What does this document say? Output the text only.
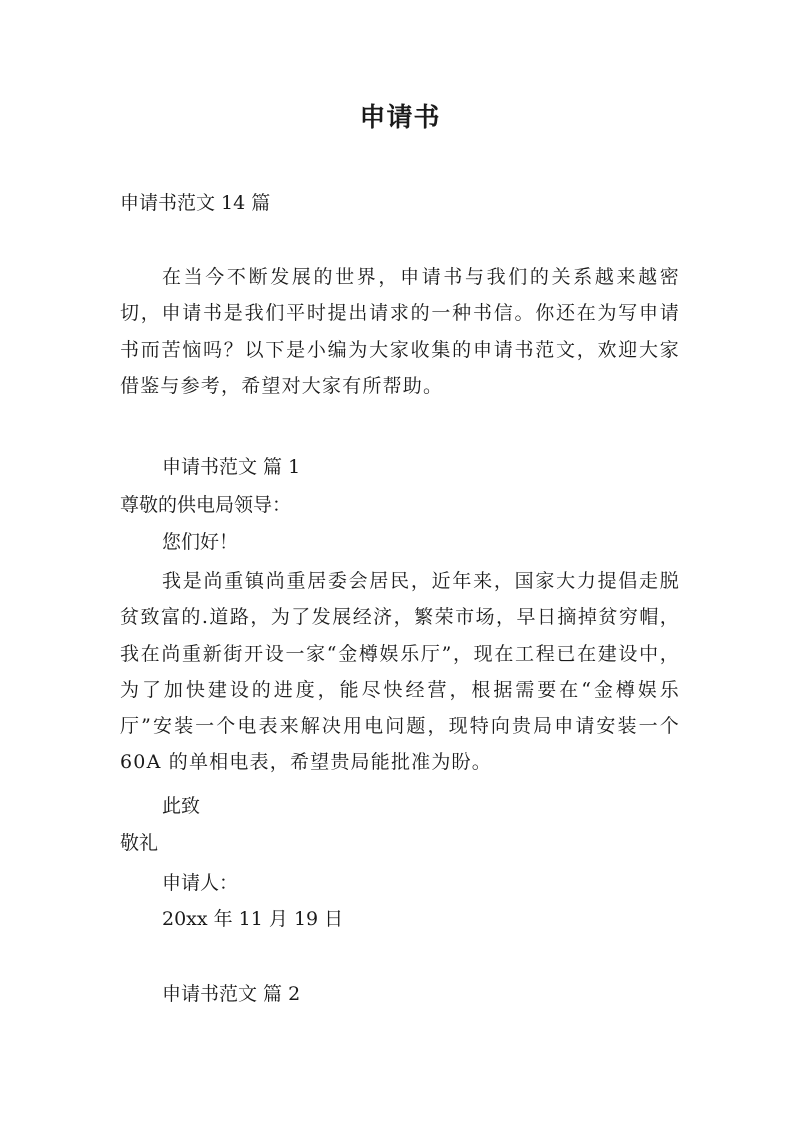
申请书
申请书范文 14 篇

在当今不断发展的世界，申请书与我们的关系越来越密切，申请书是我们平时提出请求的一种书信。你还在为写申请书而苦恼吗？以下是小编为大家收集的申请书范文，欢迎大家借鉴与参考，希望对大家有所帮助。

申请书范文 篇 1
尊敬的供电局领导：
您们好！

我是尚重镇尚重居委会居民，近年来，国家大力提倡走脱贫致富的.道路，为了发展经济，繁荣市场，早日摘掉贫穷帽，我在尚重新街开设一家“金樽娱乐厅”，现在工程已在建设中，为了加快建设的进度，能尽快经营，根据需要在“金樽娱乐厅”安装一个电表来解决用电问题，现特向贵局申请安装一个 60A 的单相电表，希望贵局能批准为盼。

此致
敬礼
申请人：
20xx 年 11 月 19 日
申请书范文 篇 2
